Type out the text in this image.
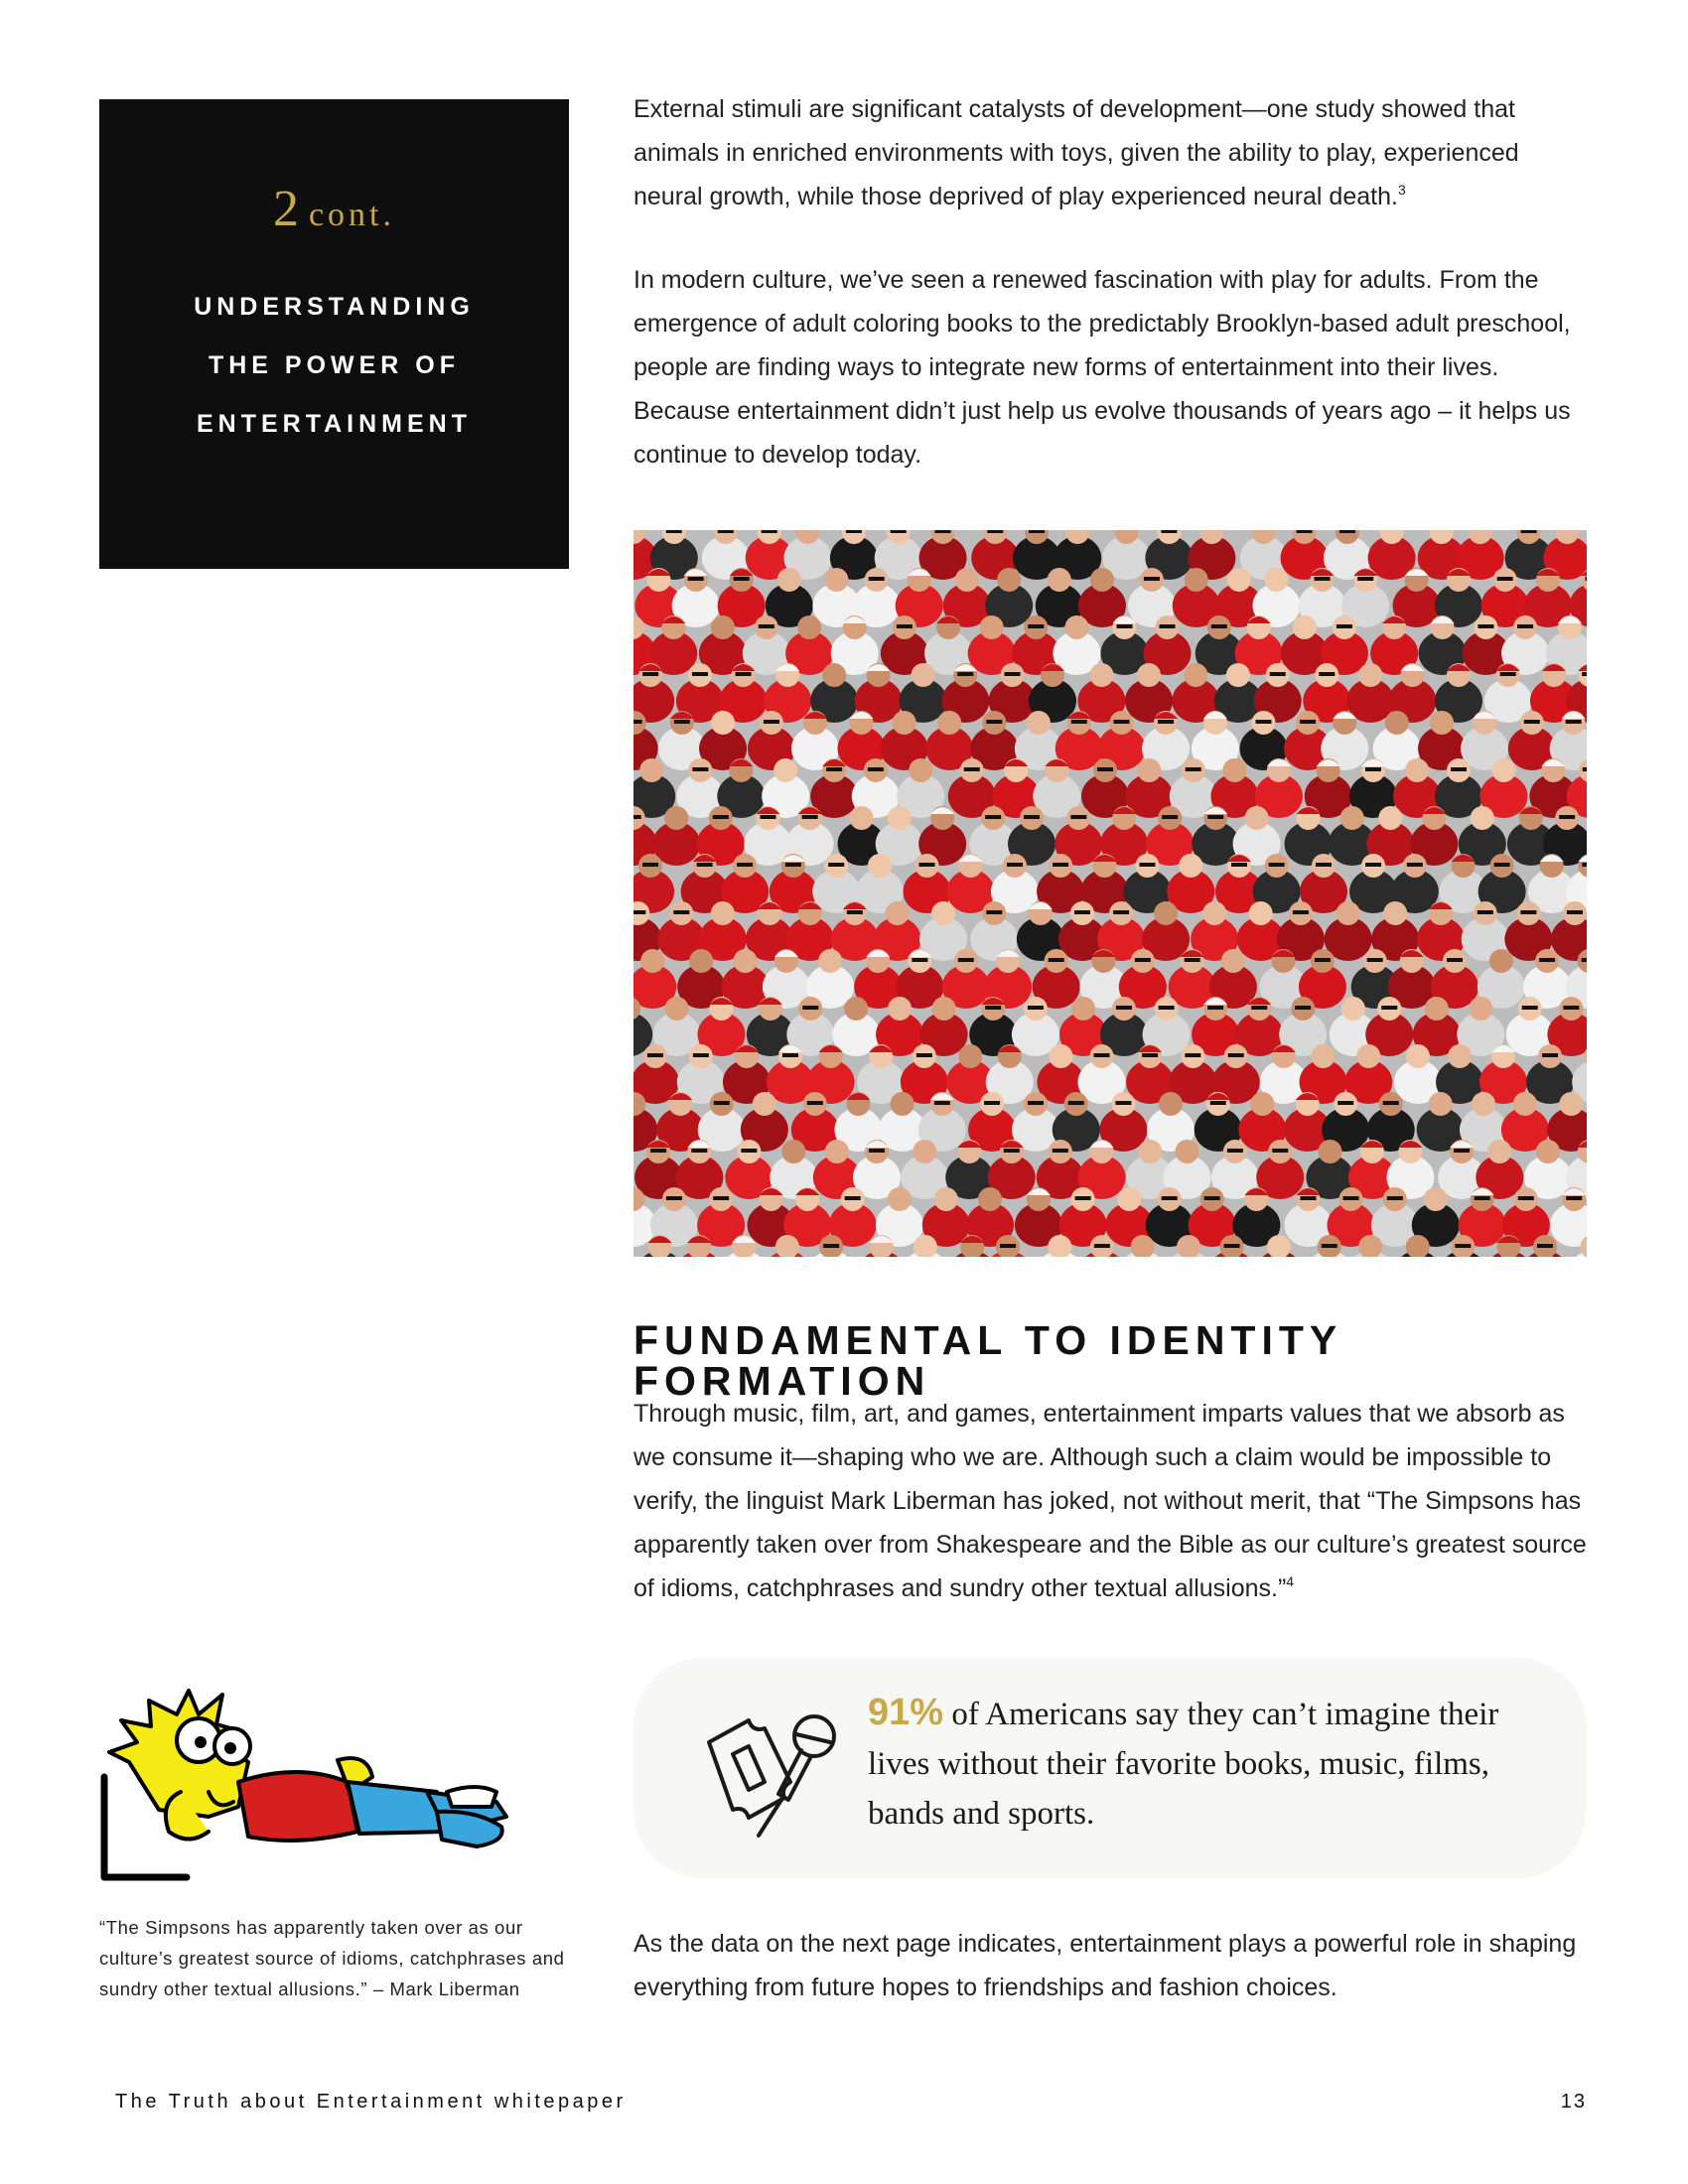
2 cont.
UNDERSTANDING
THE POWER OF
ENTERTAINMENT

External stimuli are significant catalysts of development—one study showed that animals in enriched environments with toys, given the ability to play, experienced neural growth, while those deprived of play experienced neural death.$^3$

In modern culture, we’ve seen a renewed fascination with play for adults. From the emergence of adult coloring books to the predictably Brooklyn-based adult preschool, people are finding ways to integrate new forms of entertainment into their lives. Because entertainment didn’t just help us evolve thousands of years ago – it helps us continue to develop today.

FUNDAMENTAL TO IDENTITY FORMATION

Through music, film, art, and games, entertainment imparts values that we absorb as we consume it—shaping who we are. Although such a claim would be impossible to verify, the linguist Mark Liberman has joked, not without merit, that “The Simpsons has apparently taken over from Shakespeare and the Bible as our culture’s greatest source of idioms, catchphrases and sundry other textual allusions.”$^4$

91% of Americans say they can’t imagine their lives without their favorite books, music, films, bands and sports.
“The Simpsons has apparently taken over as our culture’s greatest source of idioms, catchphrases and sundry other textual allusions.” – Mark Liberman

As the data on the next page indicates, entertainment plays a powerful role in shaping everything from future hopes to friendships and fashion choices.

The Truth about Entertainment whitepaper	13
